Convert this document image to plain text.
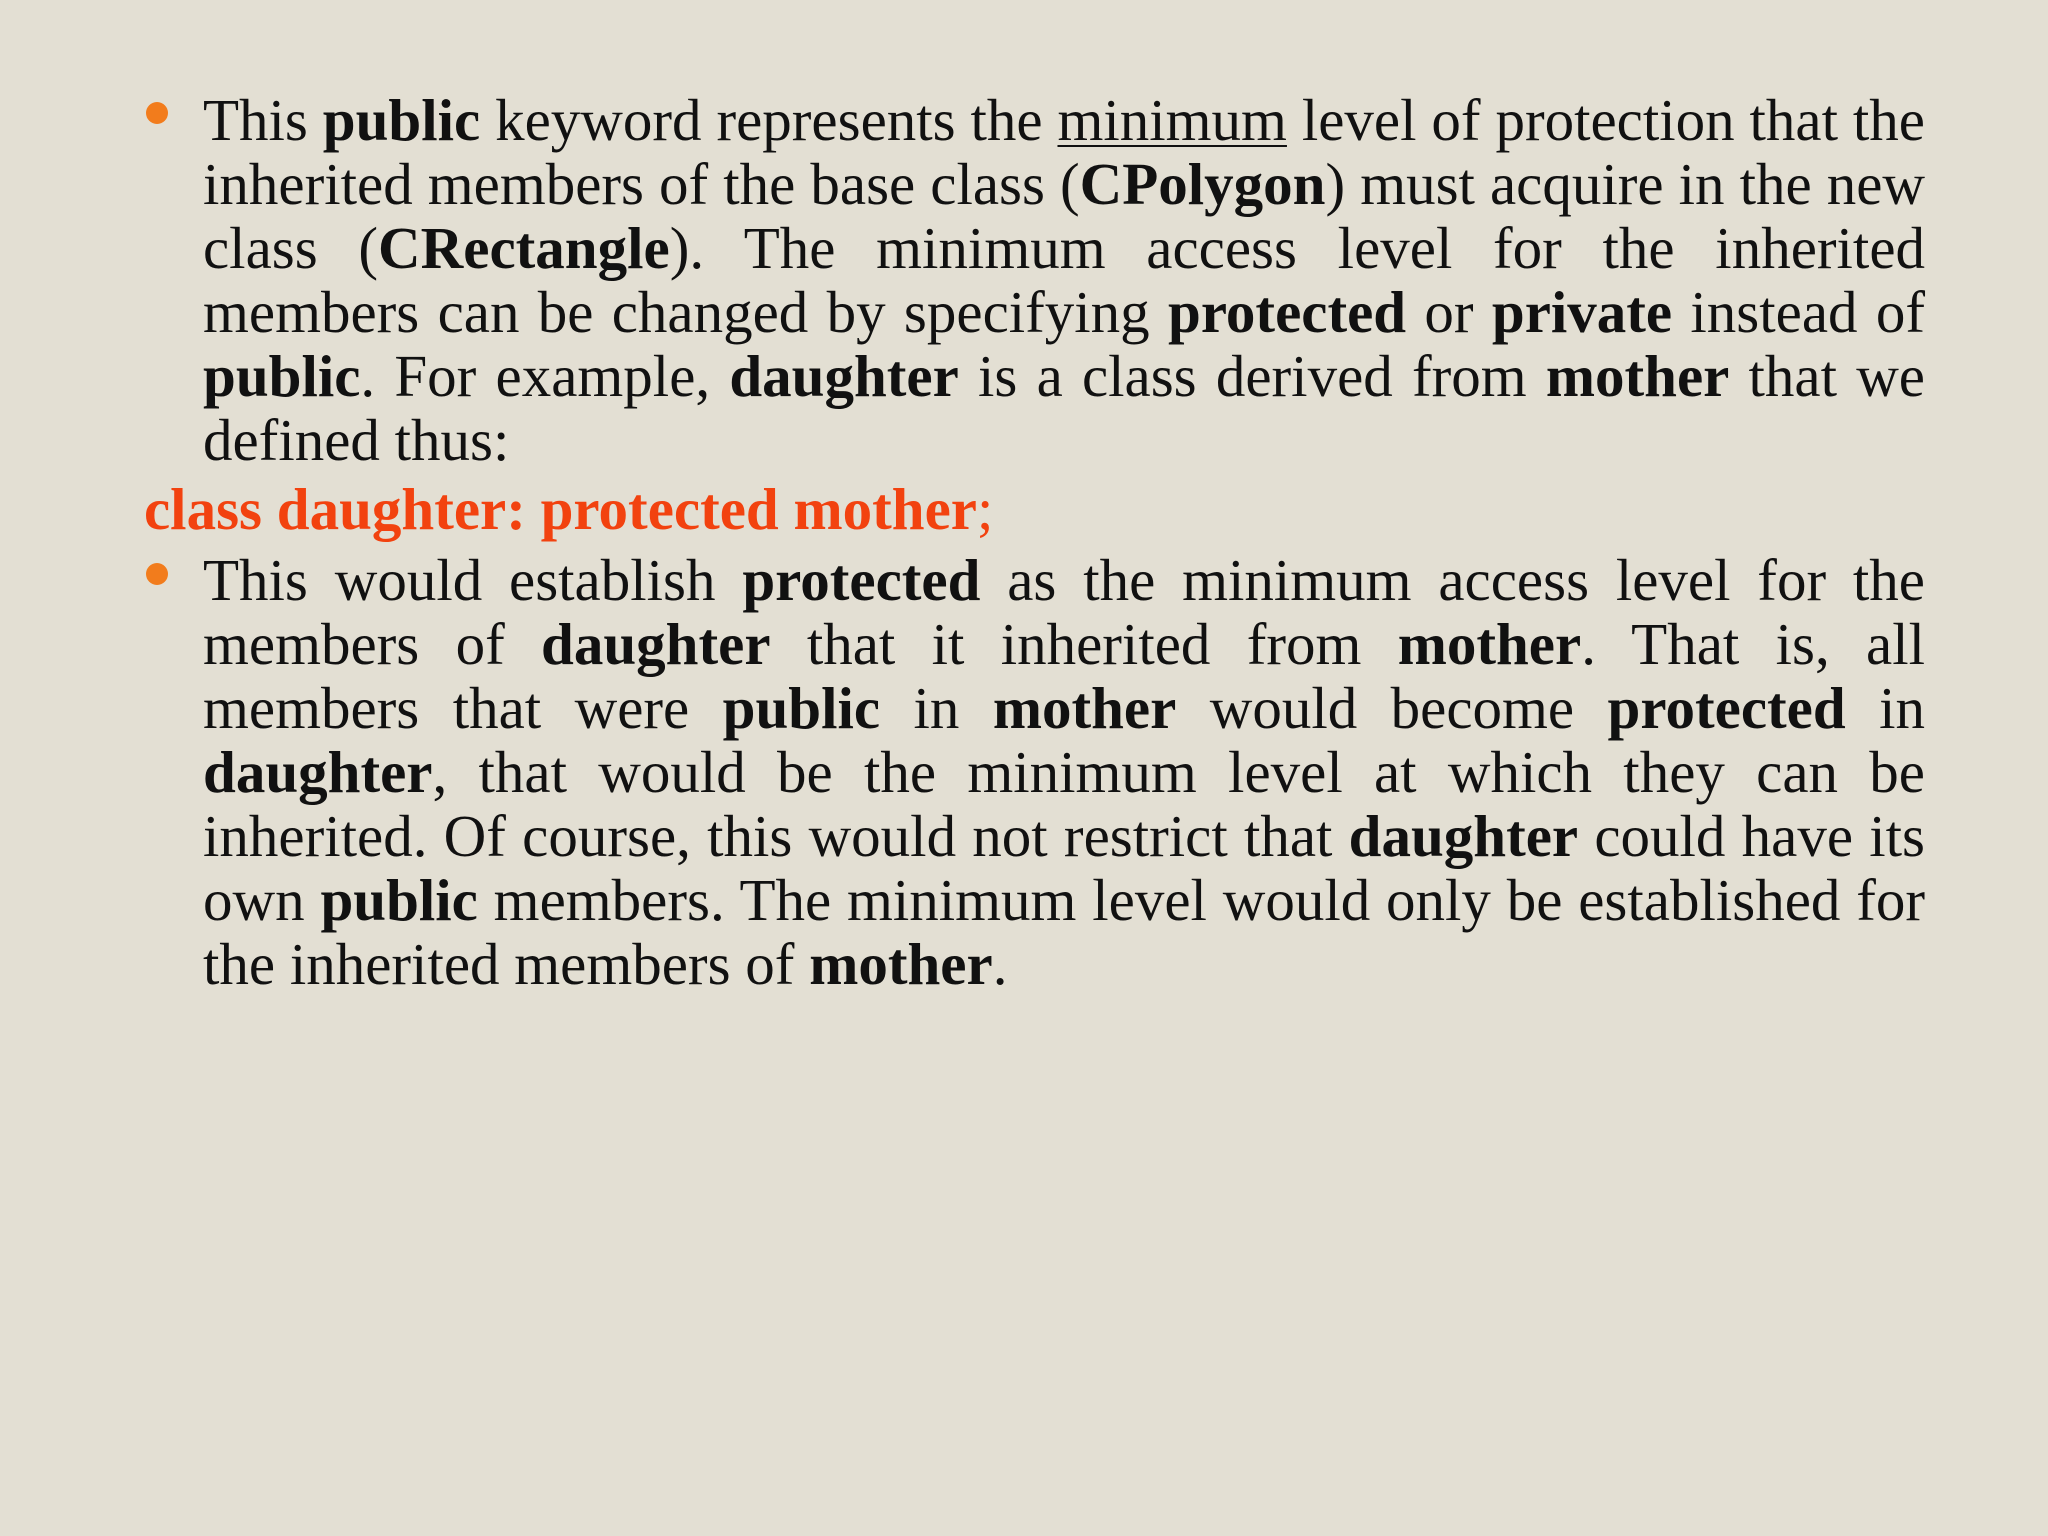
This public keyword represents the minimum level of protection that the inherited members of the base class (CPolygon) must acquire in the new class (CRectangle). The minimum access level for the inherited members can be changed by specifying protected or private instead of public. For example, daughter is a class derived from mother that we defined thus:
class daughter: protected mother;
This would establish protected as the minimum access level for the members of daughter that it inherited from mother. That is, all members that were public in mother would become protected in daughter, that would be the minimum level at which they can be inherited. Of course, this would not restrict that daughter could have its own public members. The minimum level would only be established for the inherited members of mother.
